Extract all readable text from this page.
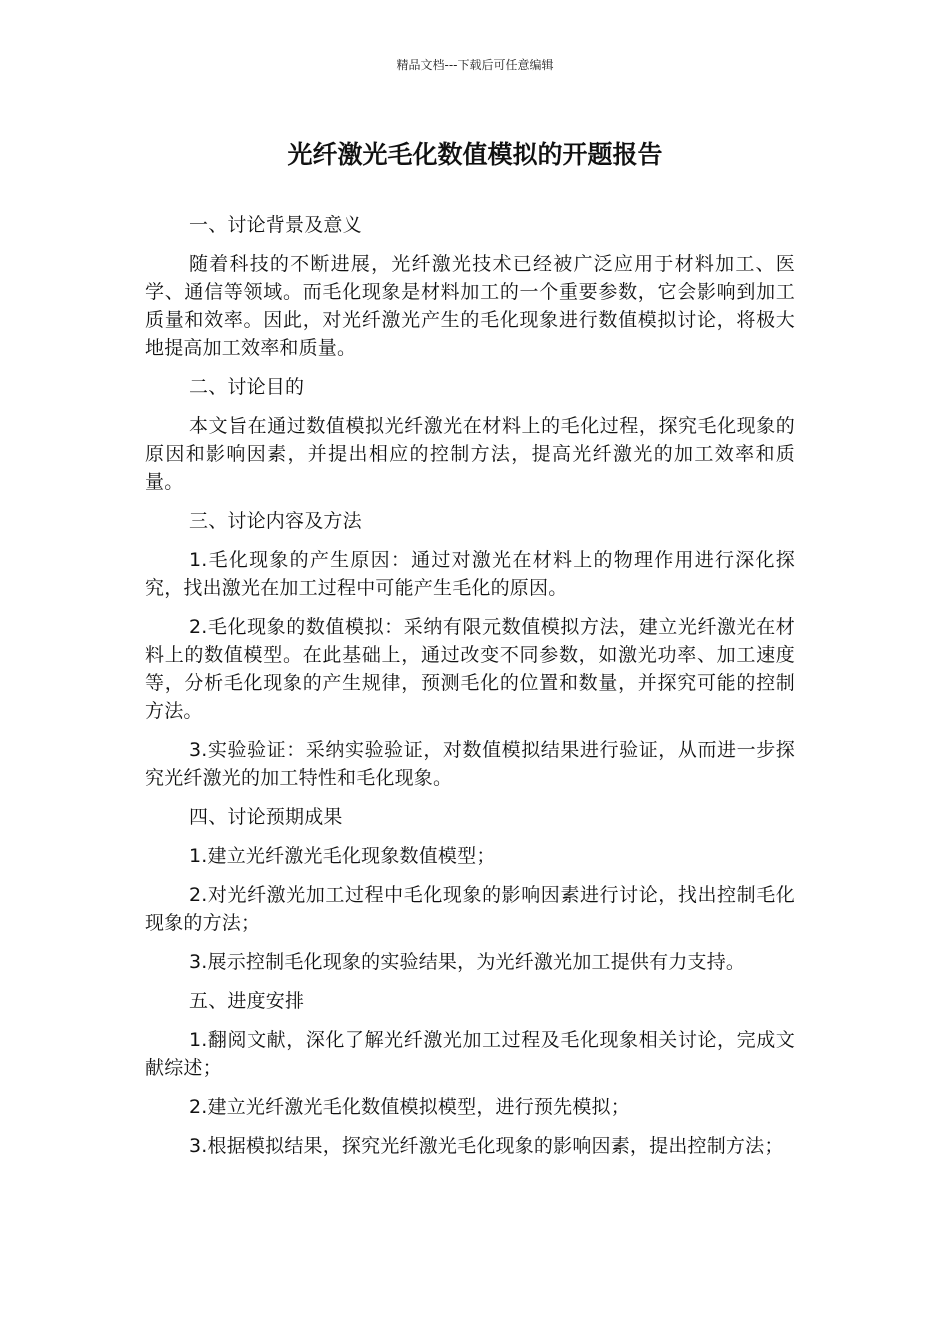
精品文档---下载后可任意编辑
光纤激光毛化数值模拟的开题报告

一、讨论背景及意义

随着科技的不断进展，光纤激光技术已经被广泛应用于材料加工、医学、通信等领域。而毛化现象是材料加工的一个重要参数，它会影响到加工质量和效率。因此，对光纤激光产生的毛化现象进行数值模拟讨论，将极大地提高加工效率和质量。

二、讨论目的

本文旨在通过数值模拟光纤激光在材料上的毛化过程，探究毛化现象的原因和影响因素，并提出相应的控制方法，提高光纤激光的加工效率和质量。

三、讨论内容及方法

1.毛化现象的产生原因：通过对激光在材料上的物理作用进行深化探究，找出激光在加工过程中可能产生毛化的原因。

2.毛化现象的数值模拟：采纳有限元数值模拟方法，建立光纤激光在材料上的数值模型。在此基础上，通过改变不同参数，如激光功率、加工速度等，分析毛化现象的产生规律，预测毛化的位置和数量，并探究可能的控制方法。

3.实验验证：采纳实验验证，对数值模拟结果进行验证，从而进一步探究光纤激光的加工特性和毛化现象。

四、讨论预期成果

1.建立光纤激光毛化现象数值模型；

2.对光纤激光加工过程中毛化现象的影响因素进行讨论，找出控制毛化现象的方法；

3.展示控制毛化现象的实验结果，为光纤激光加工提供有力支持。

五、进度安排

1.翻阅文献，深化了解光纤激光加工过程及毛化现象相关讨论，完成文献综述；

2.建立光纤激光毛化数值模拟模型，进行预先模拟；

3.根据模拟结果，探究光纤激光毛化现象的影响因素，提出控制方法；
